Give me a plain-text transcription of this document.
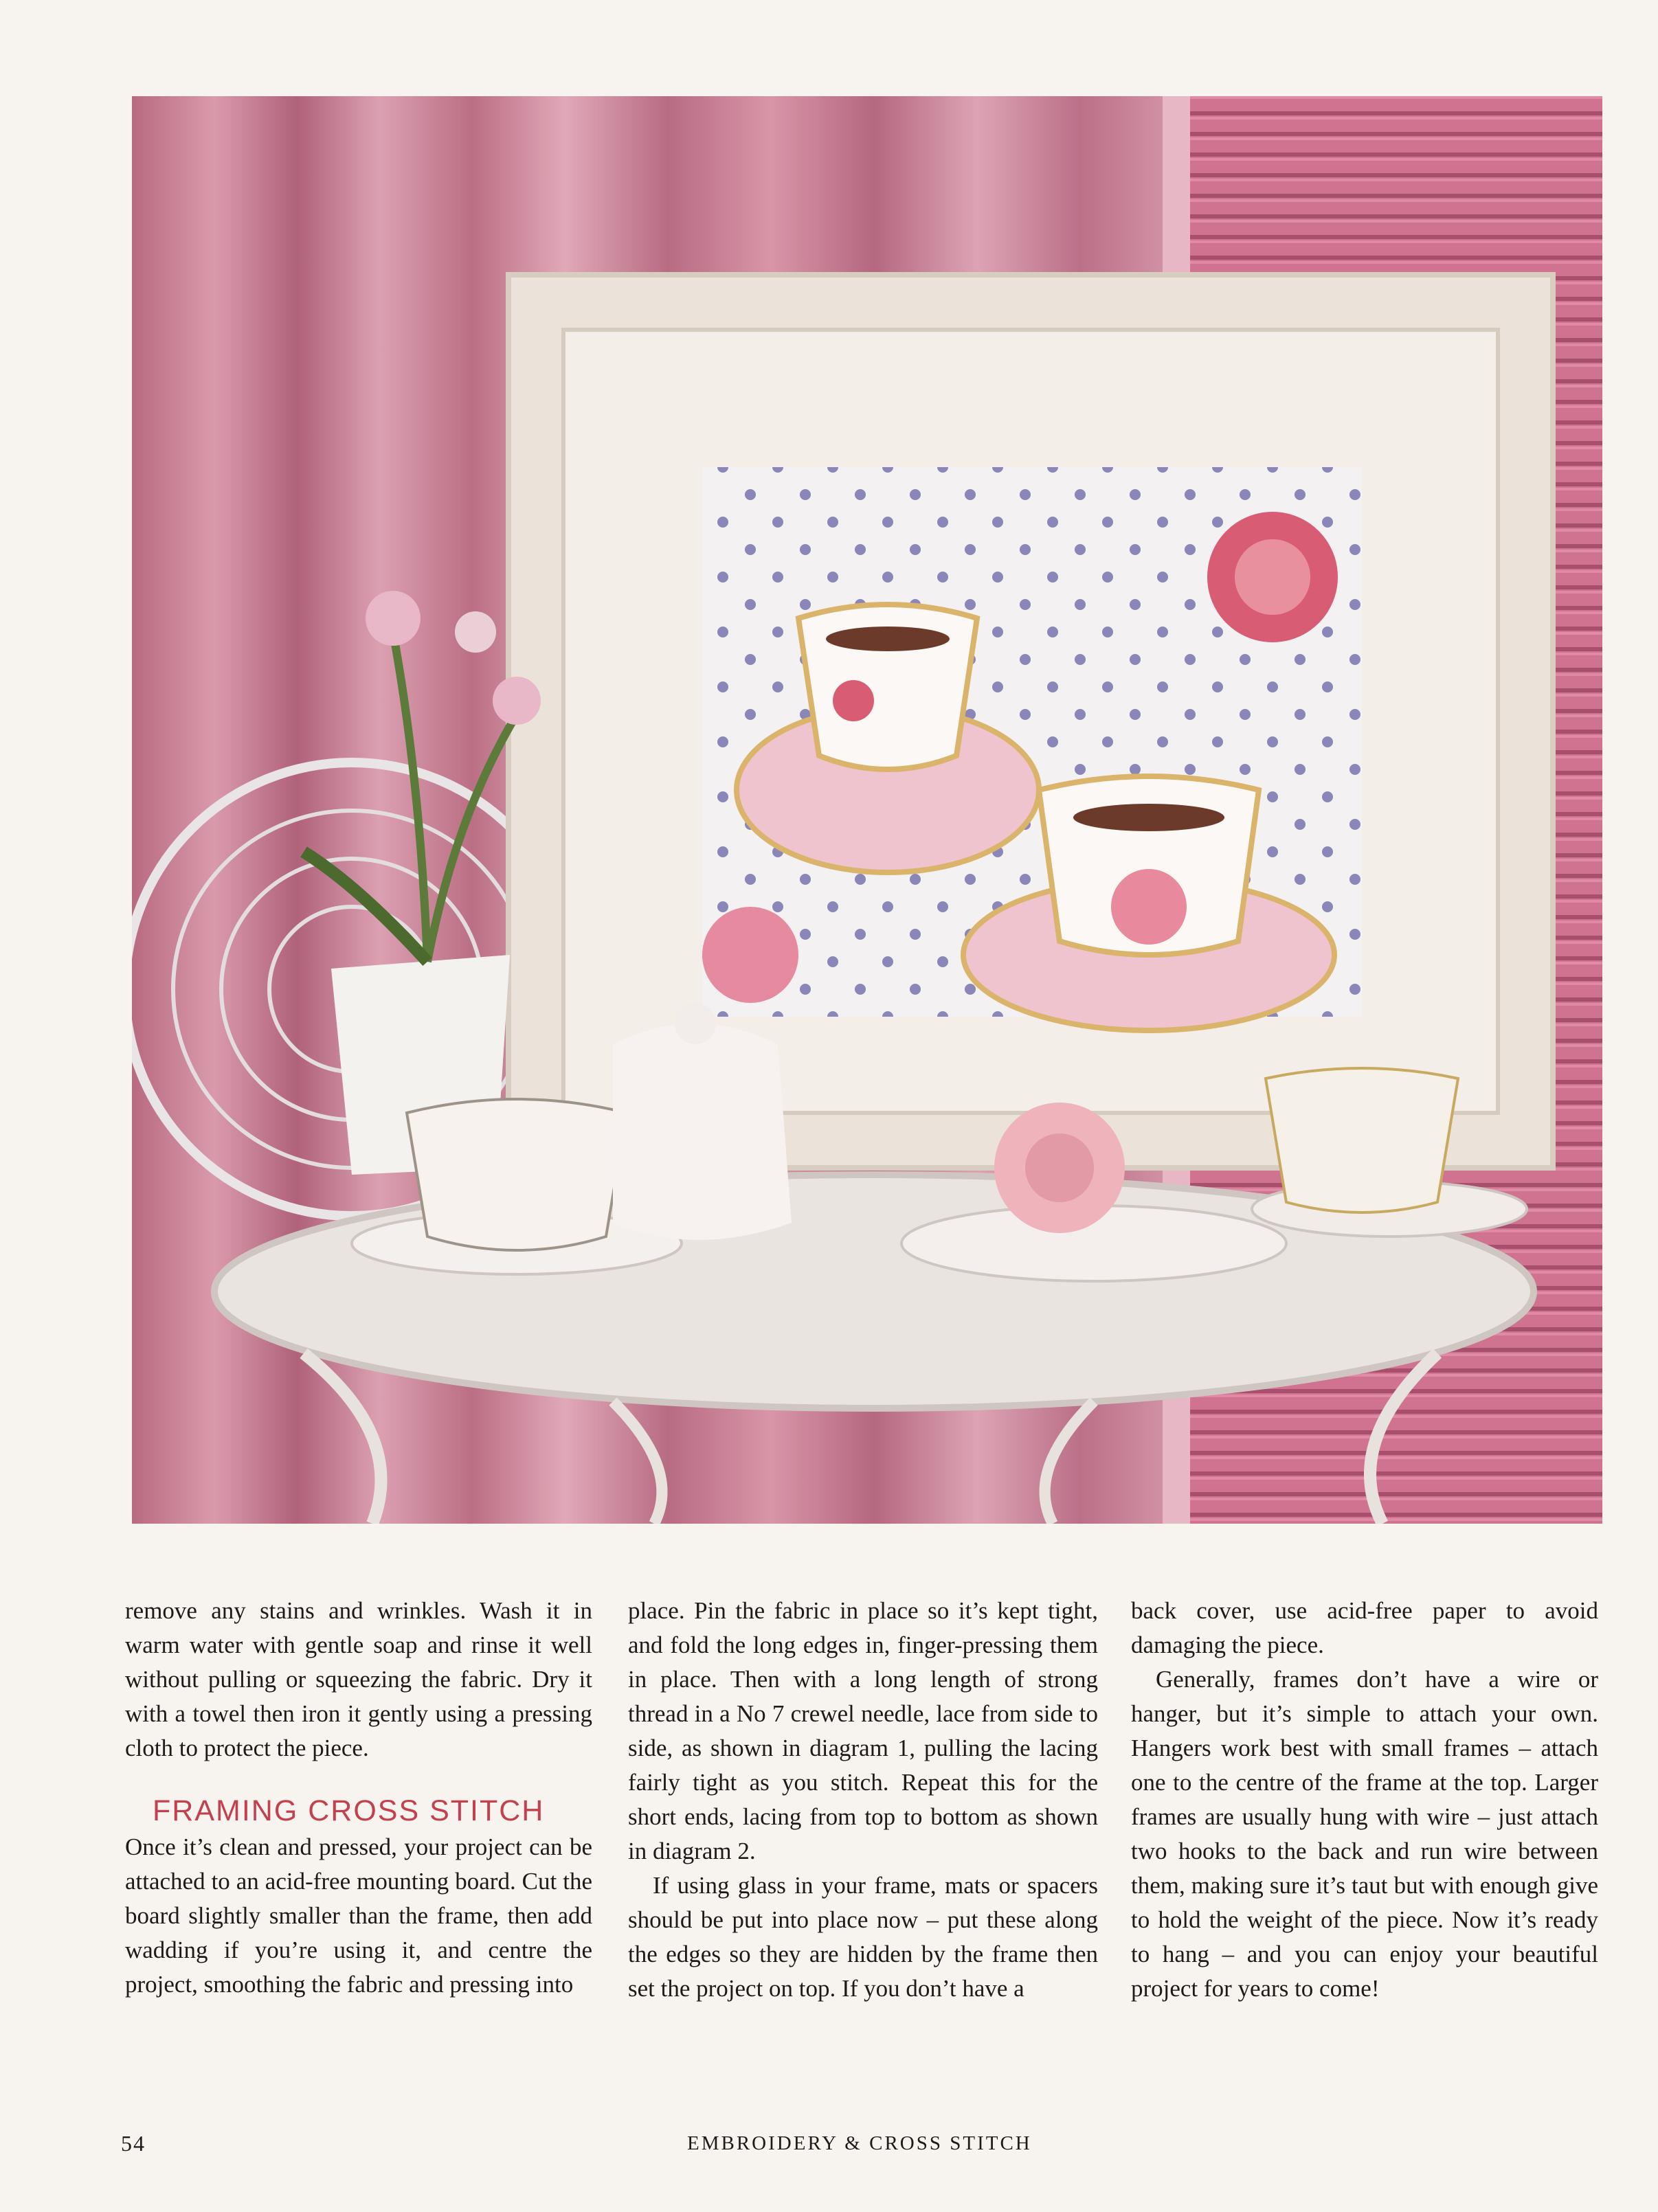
remove any stains and wrinkles. Wash it in warm water with gentle soap and rinse it well without pulling or squeezing the fabric. Dry it with a towel then iron it gently using a pressing cloth to protect the piece.

FRAMING CROSS STITCH

Once it’s clean and pressed, your project can be attached to an acid-free mounting board. Cut the board slightly smaller than the frame, then add wadding if you’re using it, and centre the project, smoothing the fabric and pressing into

place. Pin the fabric in place so it’s kept tight, and fold the long edges in, finger-pressing them in place. Then with a long length of strong thread in a No 7 crewel needle, lace from side to side, as shown in diagram 1, pulling the lacing fairly tight as you stitch. Repeat this for the short ends, lacing from top to bottom as shown in diagram 2.

If using glass in your frame, mats or spacers should be put into place now – put these along the edges so they are hidden by the frame then set the project on top. If you don’t have a

back cover, use acid-free paper to avoid damaging the piece.

Generally, frames don’t have a wire or hanger, but it’s simple to attach your own. Hangers work best with small frames – attach one to the centre of the frame at the top. Larger frames are usually hung with wire – just attach two hooks to the back and run wire between them, making sure it’s taut but with enough give to hold the weight of the piece. Now it’s ready to hang – and you can enjoy your beautiful project for years to come!

54	EMBROIDERY & CROSS STITCH
